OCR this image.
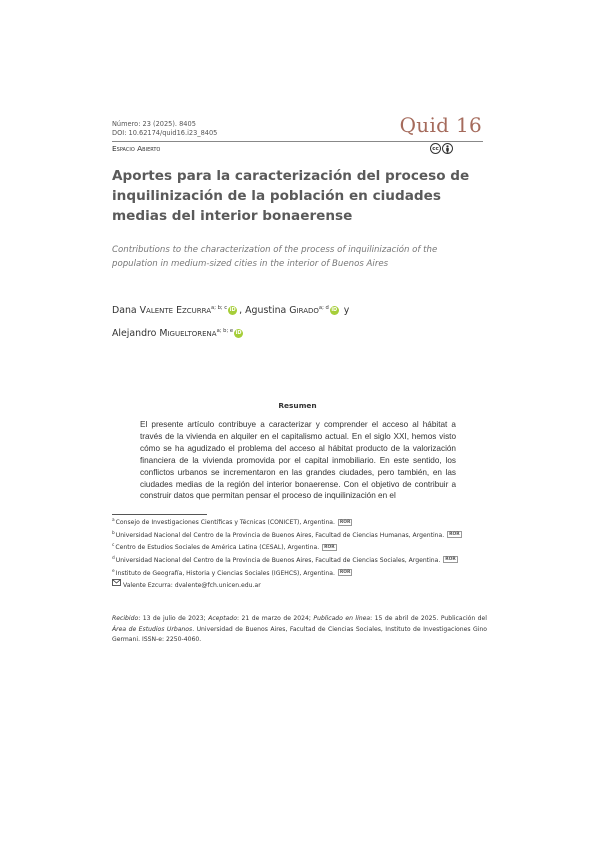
Número: 23 (2025). 8405
DOI: 10.62174/quid16.i23_8405	Quid 16
Espacio Abierto	cc
Aportes para la caracterización del proceso de inquilinización de la población en ciudades medias del interior bonaerense
Contributions to the characterization of the process of inquilinización of the population in medium-sized cities in the interior of Buenos Aires
Dana Valente Ezcurra$^{a; b; c}$ iD , Agustina Girado$^{a; d}$ iD y
Alejandro Migueltorena$^{a; b; e}$ iD
Resumen
El presente artículo contribuye a caracterizar y comprender el acceso al hábitat a través de la vivienda en alquiler en el capitalismo actual. En el siglo XXI, hemos visto cómo se ha agudizado el problema del acceso al hábitat producto de la valorización financiera de la vivienda promovida por el capital inmobiliario. En este sentido, los conflictos urbanos se incrementaron en las grandes ciudades, pero también, en las ciudades medias de la región del interior bonaerense. Con el objetivo de contribuir a construir datos que permitan pensar el proceso de inquilinización en el
$^a$Consejo de Investigaciones Científicas y Técnicas (CONICET), Argentina. ROR
$^b$Universidad Nacional del Centro de la Provincia de Buenos Aires, Facultad de Ciencias Humanas, Argentina. ROR
$^c$Centro de Estudios Sociales de América Latina (CESAL), Argentina. ROR
$^d$Universidad Nacional del Centro de la Provincia de Buenos Aires, Facultad de Ciencias Sociales, Argentina. ROR
$^e$Instituto de Geografía, Historia y Ciencias Sociales (IGEHCS), Argentina. ROR
Valente Ezcurra: dvalente@fch.unicen.edu.ar
Recibido: 13 de julio de 2023; Aceptado: 21 de marzo de 2024; Publicado en línea: 15 de abril de 2025. Publicación del Área de Estudios Urbanos. Universidad de Buenos Aires, Facultad de Ciencias Sociales, Instituto de Investigaciones Gino Germani. ISSN-e: 2250-4060.
